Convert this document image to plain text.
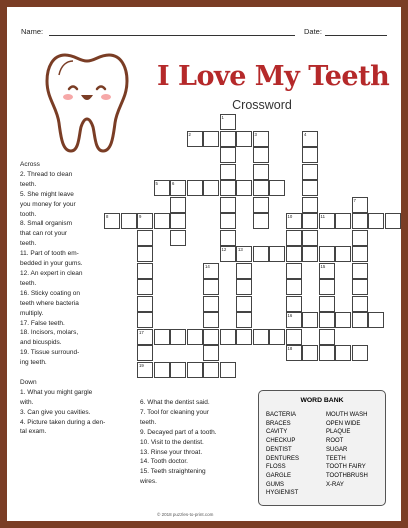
Name:	Date:
I Love My Teeth
Crossword

Across

2. Thread to clean

teeth.

5. She might leave

you money for your

tooth.

8. Small organism

that can rot your

teeth.

11. Part of tooth em-

bedded in your gums.

12. An expert in clean

teeth.

16. Sticky coating on

teeth where bacteria

multiply.

17. False teeth.

18. Incisors, molars,

and bicuspids.

19. Tissue surround-

ing teeth.

Down

1. What you might gargle

with.

3. Can give you cavities.

4. Picture taken during a den-

tal exam.

6. What the dentist said.

7. Tool for cleaning your

teeth.

9. Decayed part of a tooth.

10. Visit to the dentist.

13. Rinse your throat.

14. Tooth doctor.

15. Teeth straightening

wires.

2	3
5	6
8	9	11
12	13
16
17
18
19
1
4
7
10
14	15
WORD BANK
BACTERIA
BRACES
CAVITY
CHECKUP
DENTIST
DENTURES
FLOSS
GARGLE
GUMS
HYGIENIST
MOUTH WASH
OPEN WIDE
PLAQUE
ROOT
SUGAR
TEETH
TOOTH FAIRY
TOOTHBRUSH
X-RAY
© 2018 puzzles-to-print.com
